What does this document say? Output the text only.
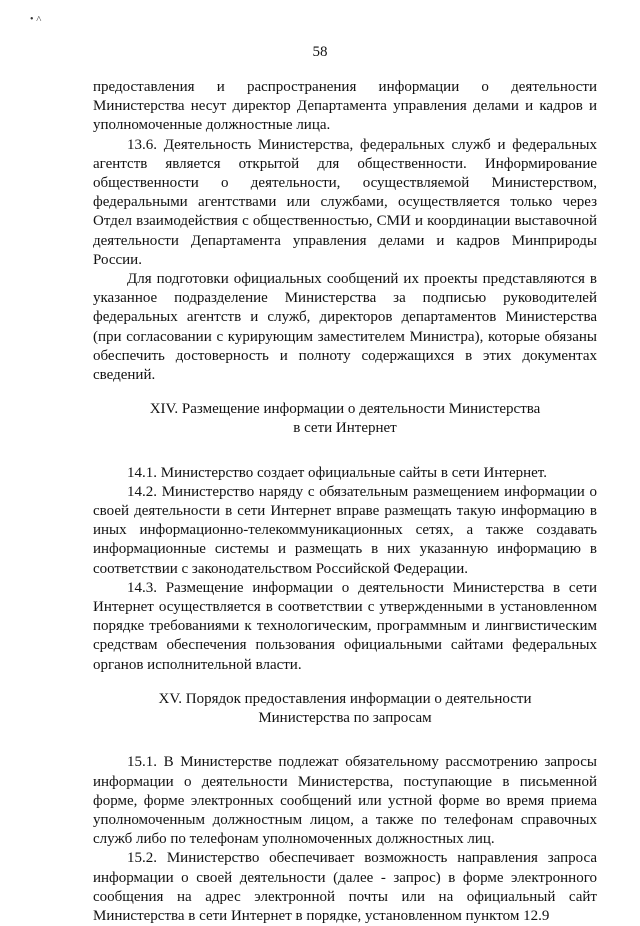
• ˄
58

предоставления и распространения информации о деятельности Министерства несут директор Департамента управления делами и кадров и уполномоченные должностные лица.

13.6. Деятельность Министерства, федеральных служб и федеральных агентств является открытой для общественности. Информирование общественности о деятельности, осуществляемой Министерством, федеральными агентствами или службами, осуществляется только через Отдел взаимодействия с общественностью, СМИ и координации выставочной деятельности Департамента управления делами и кадров Минприроды России.

Для подготовки официальных сообщений их проекты представляются в указанное подразделение Министерства за подписью руководителей федеральных агентств и служб, директоров департаментов Министерства (при согласовании с курирующим заместителем Министра), которые обязаны обеспечить достоверность и полноту содержащихся в этих документах сведений.

XIV. Размещение информации о деятельности Министерства

в сети Интернет

14.1. Министерство создает официальные сайты в сети Интернет.

14.2. Министерство наряду с обязательным размещением информации о своей деятельности в сети Интернет вправе размещать такую информацию в иных информационно-телекоммуникационных сетях, а также создавать информационные системы и размещать в них указанную информацию в соответствии с законодательством Российской Федерации.

14.3. Размещение информации о деятельности Министерства в сети Интернет осуществляется в соответствии с утвержденными в установленном порядке требованиями к технологическим, программным и лингвистическим средствам обеспечения пользования официальными сайтами федеральных органов исполнительной власти.

XV. Порядок предоставления информации о деятельности

Министерства по запросам

15.1. В Министерстве подлежат обязательному рассмотрению запросы информации о деятельности Министерства, поступающие в письменной форме, форме электронных сообщений или устной форме во время приема уполномоченным должностным лицом, а также по телефонам справочных служб либо по телефонам уполномоченных должностных лиц.

15.2. Министерство обеспечивает возможность направления запроса информации о своей деятельности (далее - запрос) в форме электронного сообщения на адрес электронной почты или на официальный сайт Министерства в сети Интернет в порядке, установленном пунктом 12.9
